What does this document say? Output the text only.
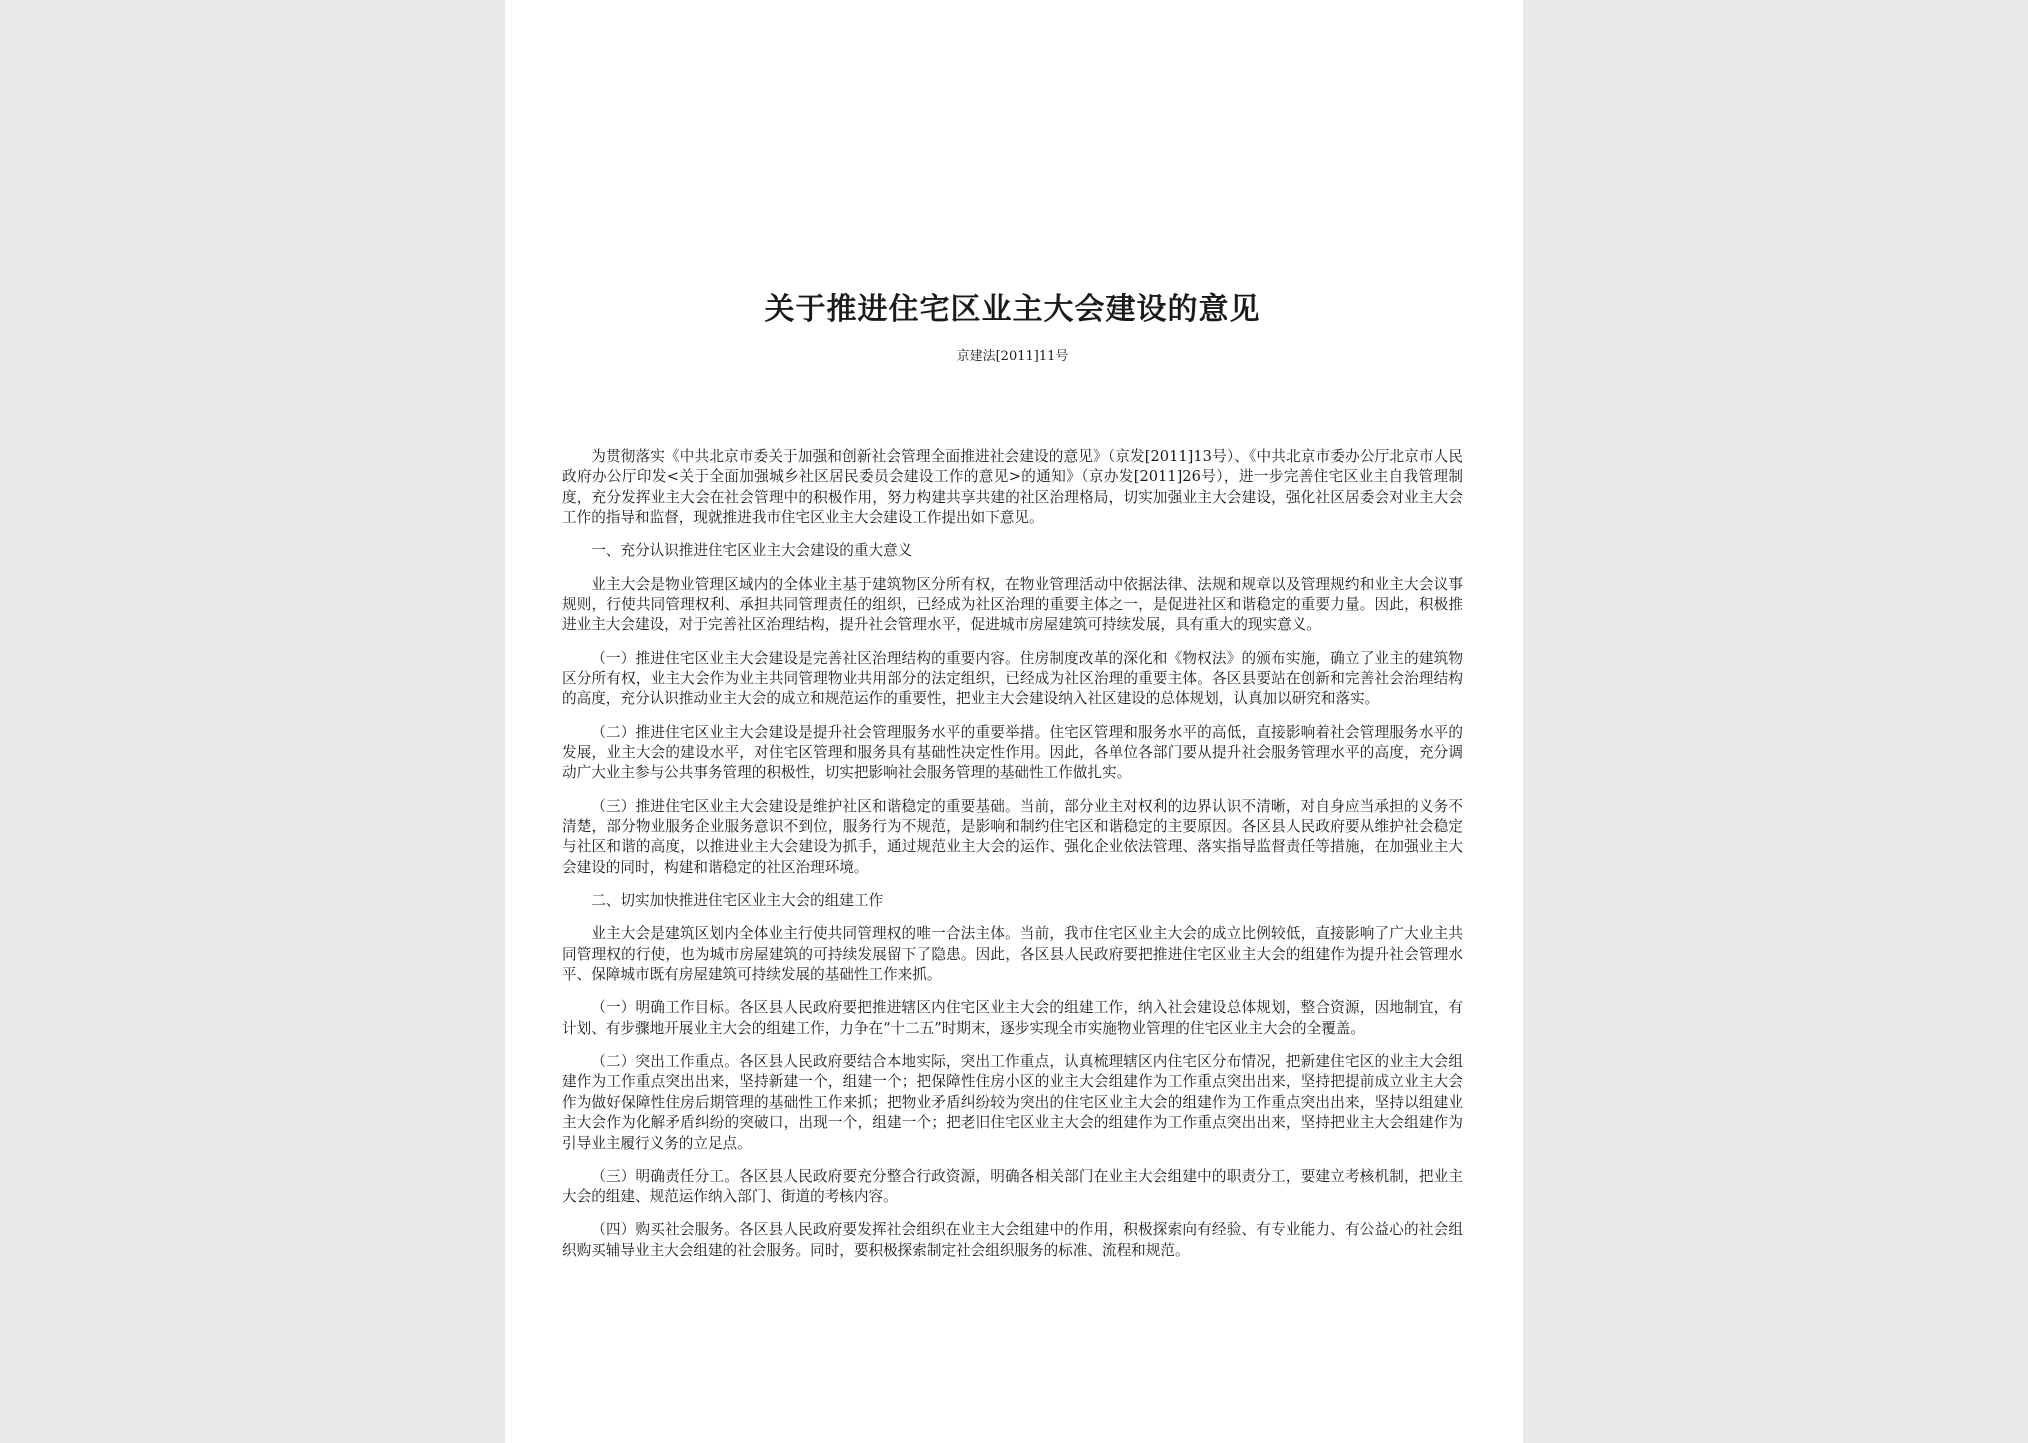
关于推进住宅区业主大会建设的意见
京建法[2011]11号

为贯彻落实《中共北京市委关于加强和创新社会管理全面推进社会建设的意见》（京发[2011]13号）、《中共北京市委办公厅北京市人民政府办公厅印发<关于全面加强城乡社区居民委员会建设工作的意见>的通知》（京办发[2011]26号），进一步完善住宅区业主自我管理制度，充分发挥业主大会在社会管理中的积极作用，努力构建共享共建的社区治理格局，切实加强业主大会建设，强化社区居委会对业主大会工作的指导和监督，现就推进我市住宅区业主大会建设工作提出如下意见。

一、充分认识推进住宅区业主大会建设的重大意义

业主大会是物业管理区域内的全体业主基于建筑物区分所有权，在物业管理活动中依据法律、法规和规章以及管理规约和业主大会议事规则，行使共同管理权利、承担共同管理责任的组织，已经成为社区治理的重要主体之一，是促进社区和谐稳定的重要力量。因此，积极推进业主大会建设，对于完善社区治理结构，提升社会管理水平，促进城市房屋建筑可持续发展，具有重大的现实意义。

（一）推进住宅区业主大会建设是完善社区治理结构的重要内容。住房制度改革的深化和《物权法》的颁布实施，确立了业主的建筑物区分所有权，业主大会作为业主共同管理物业共用部分的法定组织，已经成为社区治理的重要主体。各区县要站在创新和完善社会治理结构的高度，充分认识推动业主大会的成立和规范运作的重要性，把业主大会建设纳入社区建设的总体规划，认真加以研究和落实。

（二）推进住宅区业主大会建设是提升社会管理服务水平的重要举措。住宅区管理和服务水平的高低，直接影响着社会管理服务水平的发展，业主大会的建设水平，对住宅区管理和服务具有基础性决定性作用。因此，各单位各部门要从提升社会服务管理水平的高度，充分调动广大业主参与公共事务管理的积极性，切实把影响社会服务管理的基础性工作做扎实。

（三）推进住宅区业主大会建设是维护社区和谐稳定的重要基础。当前，部分业主对权利的边界认识不清晰，对自身应当承担的义务不清楚，部分物业服务企业服务意识不到位，服务行为不规范，是影响和制约住宅区和谐稳定的主要原因。各区县人民政府要从维护社会稳定与社区和谐的高度，以推进业主大会建设为抓手，通过规范业主大会的运作、强化企业依法管理、落实指导监督责任等措施，在加强业主大会建设的同时，构建和谐稳定的社区治理环境。

二、切实加快推进住宅区业主大会的组建工作

业主大会是建筑区划内全体业主行使共同管理权的唯一合法主体。当前，我市住宅区业主大会的成立比例较低，直接影响了广大业主共同管理权的行使，也为城市房屋建筑的可持续发展留下了隐患。因此，各区县人民政府要把推进住宅区业主大会的组建作为提升社会管理水平、保障城市既有房屋建筑可持续发展的基础性工作来抓。

（一）明确工作目标。各区县人民政府要把推进辖区内住宅区业主大会的组建工作，纳入社会建设总体规划，整合资源，因地制宜，有计划、有步骤地开展业主大会的组建工作，力争在“十二五”时期末，逐步实现全市实施物业管理的住宅区业主大会的全覆盖。

（二）突出工作重点。各区县人民政府要结合本地实际，突出工作重点，认真梳理辖区内住宅区分布情况，把新建住宅区的业主大会组建作为工作重点突出出来，坚持新建一个，组建一个；把保障性住房小区的业主大会组建作为工作重点突出出来，坚持把提前成立业主大会作为做好保障性住房后期管理的基础性工作来抓；把物业矛盾纠纷较为突出的住宅区业主大会的组建作为工作重点突出出来，坚持以组建业主大会作为化解矛盾纠纷的突破口，出现一个，组建一个；把老旧住宅区业主大会的组建作为工作重点突出出来，坚持把业主大会组建作为引导业主履行义务的立足点。

（三）明确责任分工。各区县人民政府要充分整合行政资源，明确各相关部门在业主大会组建中的职责分工，要建立考核机制，把业主大会的组建、规范运作纳入部门、街道的考核内容。

（四）购买社会服务。各区县人民政府要发挥社会组织在业主大会组建中的作用，积极探索向有经验、有专业能力、有公益心的社会组织购买辅导业主大会组建的社会服务。同时，要积极探索制定社会组织服务的标准、流程和规范。
